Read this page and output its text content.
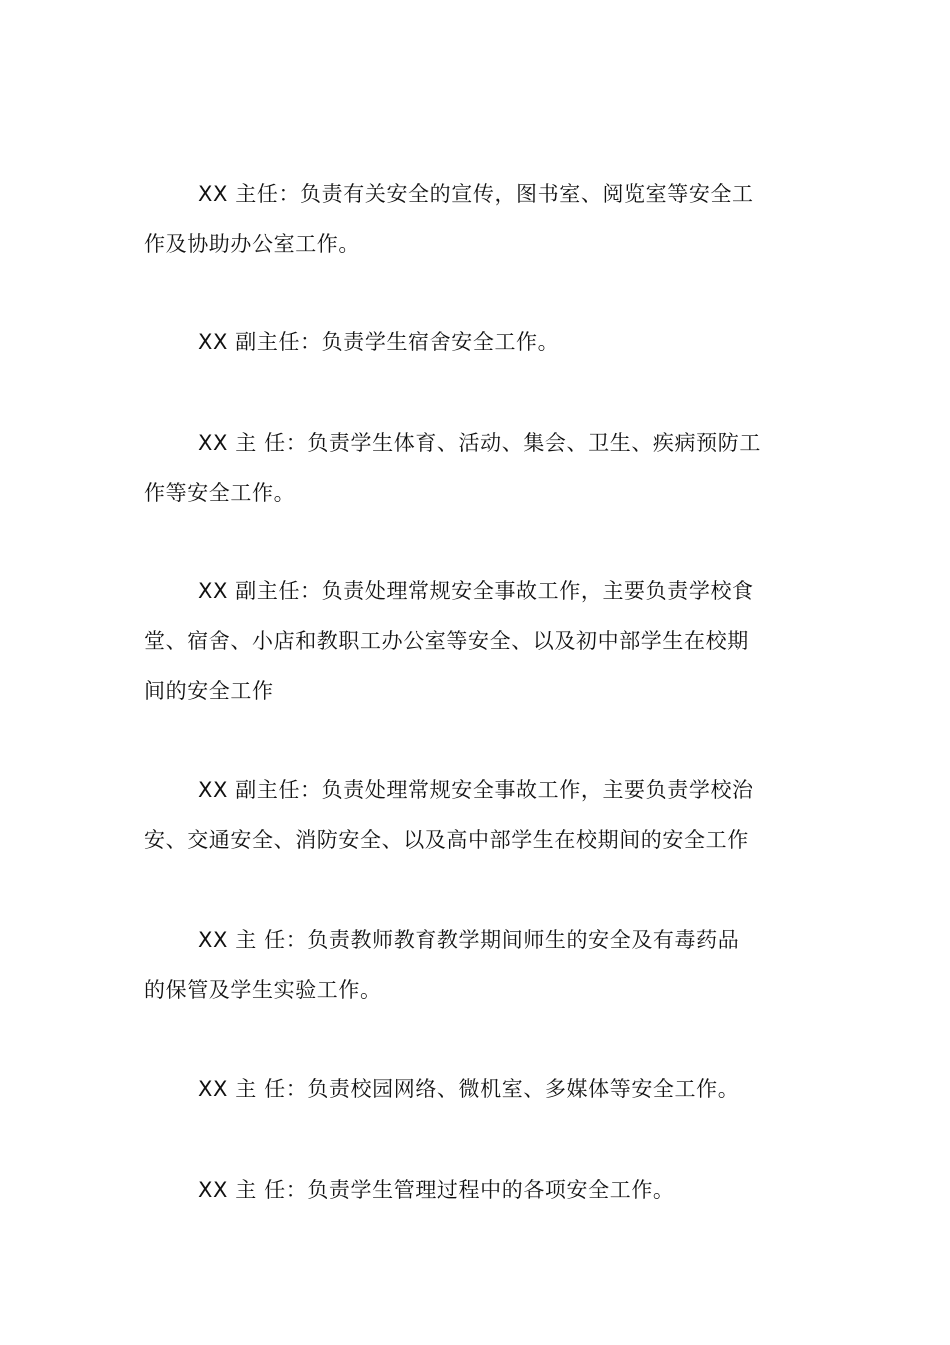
XX 主任：负责有关安全的宣传，图书室、阅览室等安全工
作及协助办公室工作。
XX 副主任：负责学生宿舍安全工作。
XX 主 任：负责学生体育、活动、集会、卫生、疾病预防工
作等安全工作。
XX 副主任：负责处理常规安全事故工作，主要负责学校食
堂、宿舍、小店和教职工办公室等安全、以及初中部学生在校期
间的安全工作
XX 副主任：负责处理常规安全事故工作，主要负责学校治
安、交通安全、消防安全、以及高中部学生在校期间的安全工作
XX 主 任：负责教师教育教学期间师生的安全及有毒药品
的保管及学生实验工作。
XX 主 任：负责校园网络、微机室、多媒体等安全工作。
XX 主 任：负责学生管理过程中的各项安全工作。
